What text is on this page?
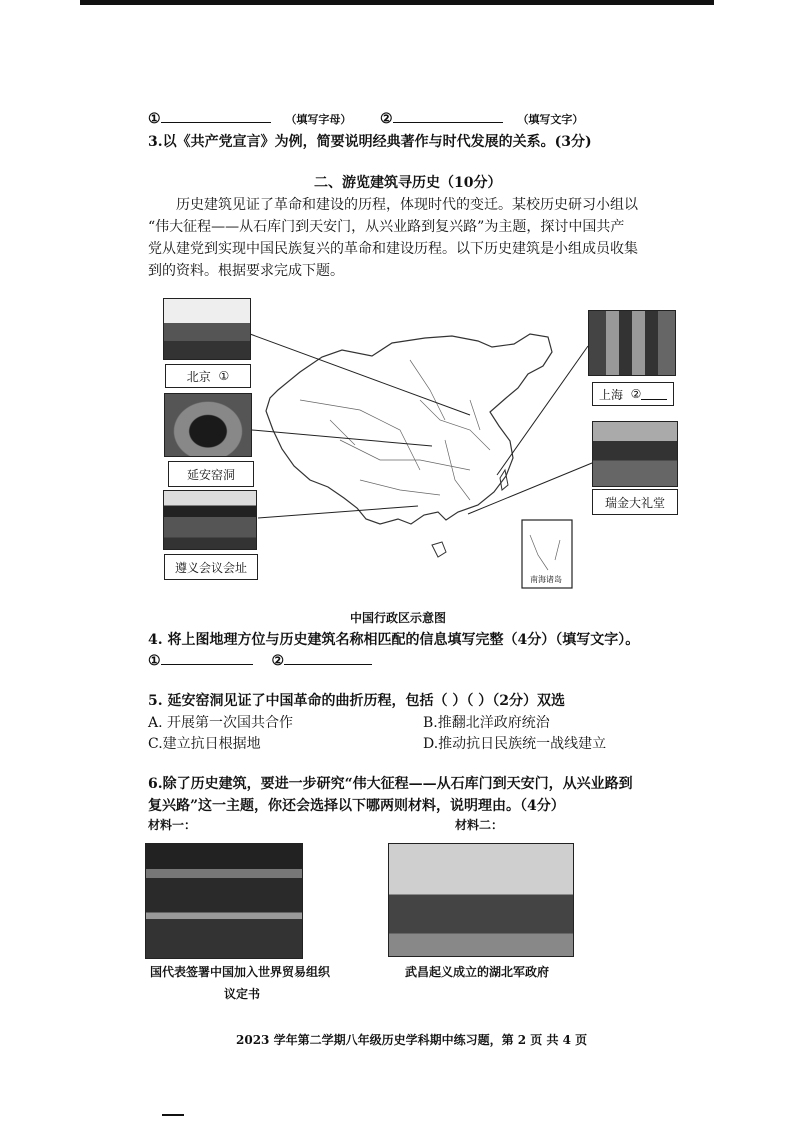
①	（填写字母） ②	（填写文字）
3.以《共产党宣言》为例，简要说明经典著作与时代发展的关系。(3分)
二、游览建筑寻历史（10分）
历史建筑见证了革命和建设的历程，体现时代的变迁。某校历史研习小组以
“伟大征程——从石库门到天安门，从兴业路到复兴路”为主题，探讨中国共产
党从建党到实现中国民族复兴的革命和建设历程。以下历史建筑是小组成员收集
到的资料。根据要求完成下题。
南海诸岛
北京
①
延安窑洞
遵义会议会址
上海
②
瑞金大礼堂
中国行政区示意图
4. 将上图地理方位与历史建筑名称相匹配的信息填写完整（4分）（填写文字）。
①	②
5. 延安窑洞见证了中国革命的曲折历程，包括（ ）（ ）（2分）双选
A. 开展第一次国共合作	B.推翻北洋政府统治
C.建立抗日根据地	D.推动抗日民族统一战线建立
6.除了历史建筑，要进一步研究“伟大征程——从石库门到天安门，从兴业路到
复兴路”这一主题，你还会选择以下哪两则材料，说明理由。（4分）
材料一：	材料二：
国代表签署中国加入世界贸易组织
议定书
武昌起义成立的湖北军政府
2023 学年第二学期八年级历史学科期中练习题，第 2 页 共 4 页
